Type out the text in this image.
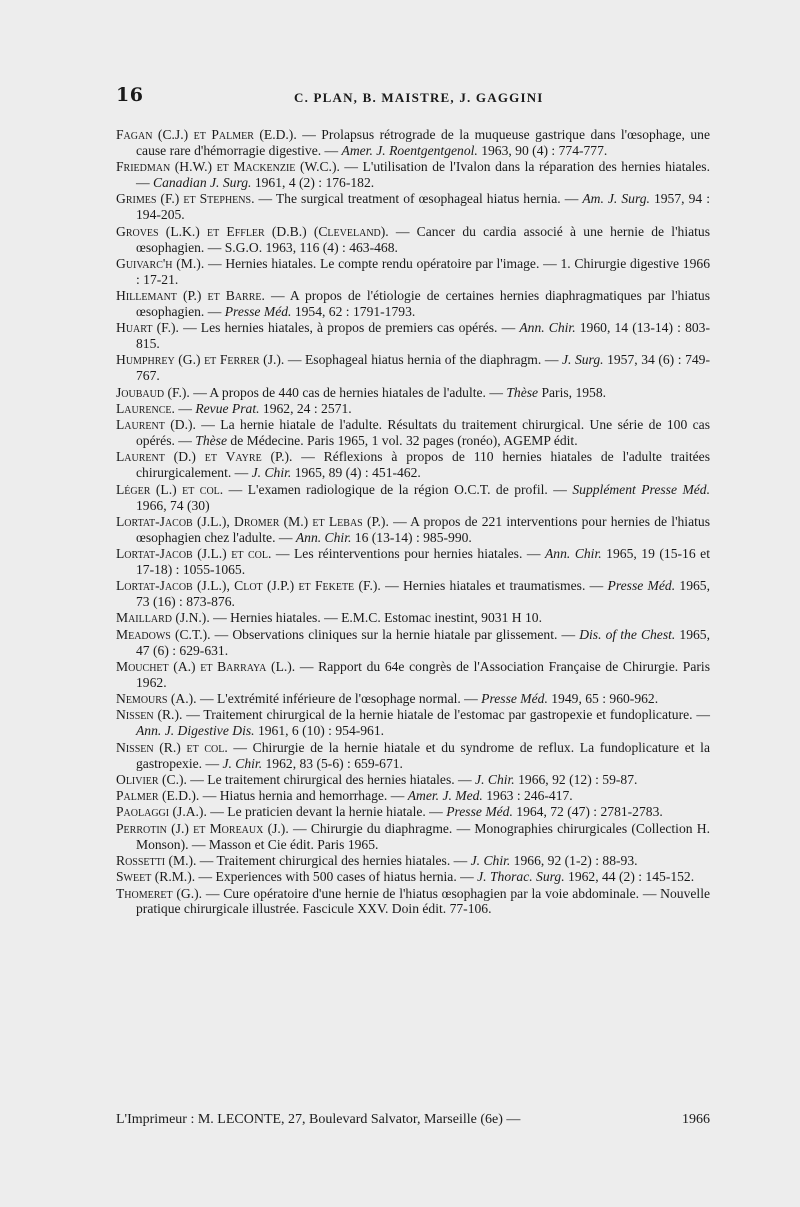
16	C. PLAN, B. MAISTRE, J. GAGGINI

Fagan (C.J.) et Palmer (E.D.). — Prolapsus rétrograde de la muqueuse gastrique dans l'œsophage, une cause rare d'hémorragie digestive. — Amer. J. Roentgentgenol. 1963, 90 (4) : 774-777.

Friedman (H.W.) et Mackenzie (W.C.). — L'utilisation de l'Ivalon dans la réparation des hernies hiatales. — Canadian J. Surg. 1961, 4 (2) : 176-182.

Grimes (F.) et Stephens. — The surgical treatment of œsophageal hiatus hernia. — Am. J. Surg. 1957, 94 : 194-205.

Groves (L.K.) et Effler (D.B.) (Cleveland). — Cancer du cardia associé à une hernie de l'hiatus œsophagien. — S.G.O. 1963, 116 (4) : 463-468.

Guivarc'h (M.). — Hernies hiatales. Le compte rendu opératoire par l'image. — 1. Chirurgie digestive 1966 : 17-21.

Hillemant (P.) et Barre. — A propos de l'étiologie de certaines hernies diaphragmatiques par l'hiatus œsophagien. — Presse Méd. 1954, 62 : 1791-1793.

Huart (F.). — Les hernies hiatales, à propos de premiers cas opérés. — Ann. Chir. 1960, 14 (13-14) : 803-815.

Humphrey (G.) et Ferrer (J.). — Esophageal hiatus hernia of the diaphragm. — J. Surg. 1957, 34 (6) : 749-767.

Joubaud (F.). — A propos de 440 cas de hernies hiatales de l'adulte. — Thèse Paris, 1958.

Laurence. — Revue Prat. 1962, 24 : 2571.

Laurent (D.). — La hernie hiatale de l'adulte. Résultats du traitement chirurgical. Une série de 100 cas opérés. — Thèse de Médecine. Paris 1965, 1 vol. 32 pages (ronéo), AGEMP édit.

Laurent (D.) et Vayre (P.). — Réflexions à propos de 110 hernies hiatales de l'adulte traitées chirurgicalement. — J. Chir. 1965, 89 (4) : 451-462.

Léger (L.) et col. — L'examen radiologique de la région O.C.T. de profil. — Supplément Presse Méd. 1966, 74 (30)

Lortat-Jacob (J.L.), Dromer (M.) et Lebas (P.). — A propos de 221 interventions pour hernies de l'hiatus œsophagien chez l'adulte. — Ann. Chir. 16 (13-14) : 985-990.

Lortat-Jacob (J.L.) et col. — Les réinterventions pour hernies hiatales. — Ann. Chir. 1965, 19 (15-16 et 17-18) : 1055-1065.

Lortat-Jacob (J.L.), Clot (J.P.) et Fekete (F.). — Hernies hiatales et traumatismes. — Presse Méd. 1965, 73 (16) : 873-876.

Maillard (J.N.). — Hernies hiatales. — E.M.C. Estomac inestint, 9031 H 10.

Meadows (C.T.). — Observations cliniques sur la hernie hiatale par glissement. — Dis. of the Chest. 1965, 47 (6) : 629-631.

Mouchet (A.) et Barraya (L.). — Rapport du 64e congrès de l'Association Française de Chirurgie. Paris 1962.

Nemours (A.). — L'extrémité inférieure de l'œsophage normal. — Presse Méd. 1949, 65 : 960-962.

Nissen (R.). — Traitement chirurgical de la hernie hiatale de l'estomac par gastropexie et fundoplicature. — Ann. J. Digestive Dis. 1961, 6 (10) : 954-961.

Nissen (R.) et col. — Chirurgie de la hernie hiatale et du syndrome de reflux. La fundoplicature et la gastropexie. — J. Chir. 1962, 83 (5-6) : 659-671.

Olivier (C.). — Le traitement chirurgical des hernies hiatales. — J. Chir. 1966, 92 (12) : 59-87.

Palmer (E.D.). — Hiatus hernia and hemorrhage. — Amer. J. Med. 1963 : 246-417.

Paolaggi (J.A.). — Le praticien devant la hernie hiatale. — Presse Méd. 1964, 72 (47) : 2781-2783.

Perrotin (J.) et Moreaux (J.). — Chirurgie du diaphragme. — Monographies chirurgicales (Collection H. Monson). — Masson et Cie édit. Paris 1965.

Rossetti (M.). — Traitement chirurgical des hernies hiatales. — J. Chir. 1966, 92 (1-2) : 88-93.

Sweet (R.M.). — Experiences with 500 cases of hiatus hernia. — J. Thorac. Surg. 1962, 44 (2) : 145-152.

Thomeret (G.). — Cure opératoire d'une hernie de l'hiatus œsophagien par la voie abdominale. — Nouvelle pratique chirurgicale illustrée. Fascicule XXV. Doin édit. 77-106.

L'Imprimeur : M. LECONTE, 27, Boulevard Salvator, Marseille (6e) —	1966
